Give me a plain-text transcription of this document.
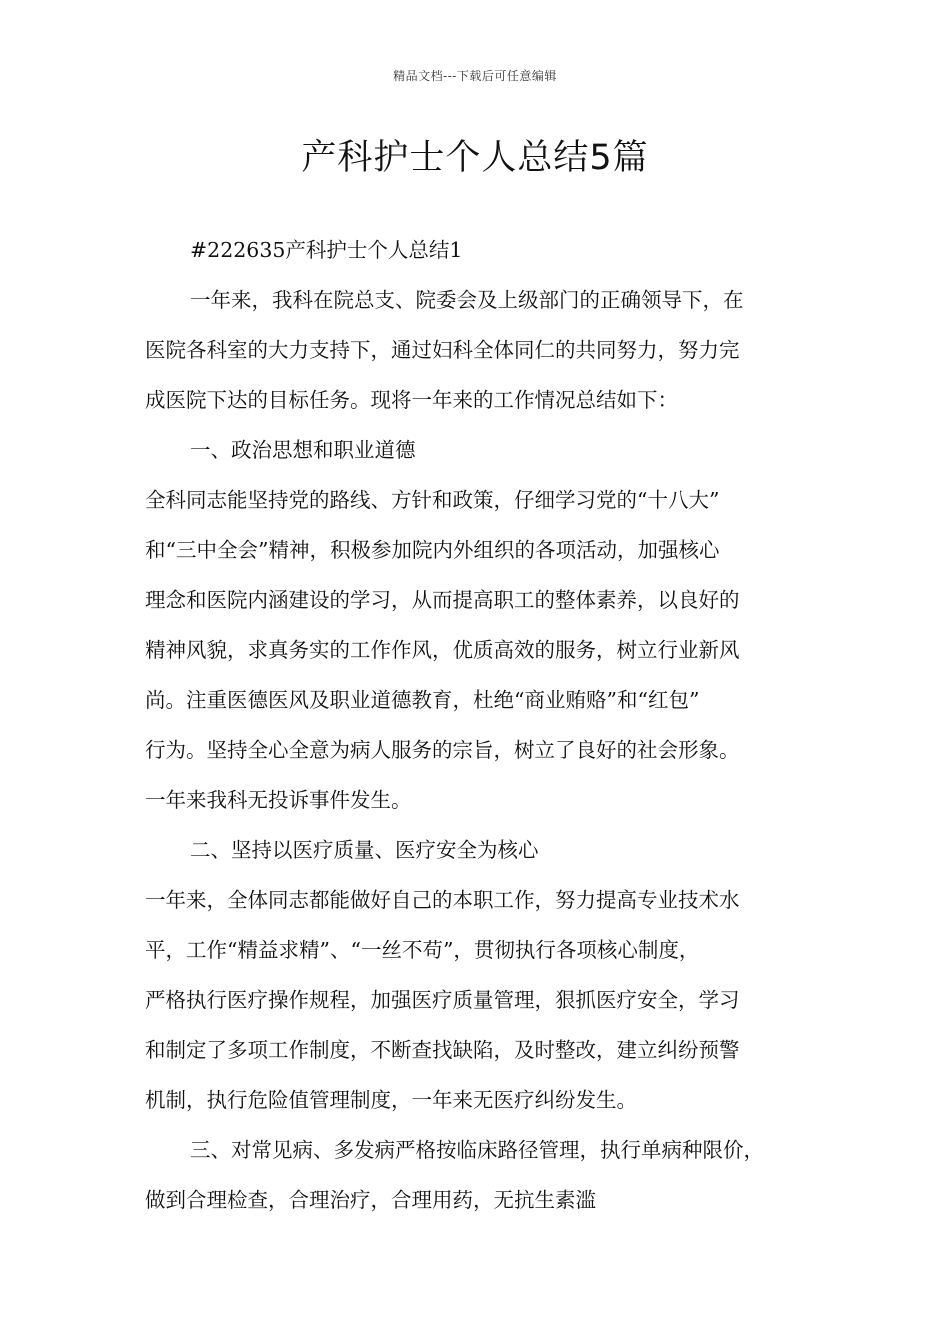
精品文档---下载后可任意编辑
产科护士个人总结5篇
#222635产科护士个人总结1
一年来，我科在院总支、院委会及上级部门的正确领导下，在
医院各科室的大力支持下，通过妇科全体同仁的共同努力，努力完
成医院下达的目标任务。现将一年来的工作情况总结如下：
一、政治思想和职业道德
全科同志能坚持党的路线、方针和政策，仔细学习党的“十八大”
和“三中全会”精神，积极参加院内外组织的各项活动，加强核心
理念和医院内涵建设的学习，从而提高职工的整体素养，以良好的
精神风貌，求真务实的工作作风，优质高效的服务，树立行业新风
尚。注重医德医风及职业道德教育，杜绝“商业贿赂”和“红包”
行为。坚持全心全意为病人服务的宗旨，树立了良好的社会形象。
一年来我科无投诉事件发生。
二、坚持以医疗质量、医疗安全为核心
一年来，全体同志都能做好自己的本职工作，努力提高专业技术水
平，工作“精益求精”、“一丝不苟”，贯彻执行各项核心制度，
严格执行医疗操作规程，加强医疗质量管理，狠抓医疗安全，学习
和制定了多项工作制度，不断查找缺陷，及时整改，建立纠纷预警
机制，执行危险值管理制度，一年来无医疗纠纷发生。
三、对常见病、多发病严格按临床路径管理，执行单病种限价，
做到合理检查，合理治疗，合理用药，无抗生素滥
